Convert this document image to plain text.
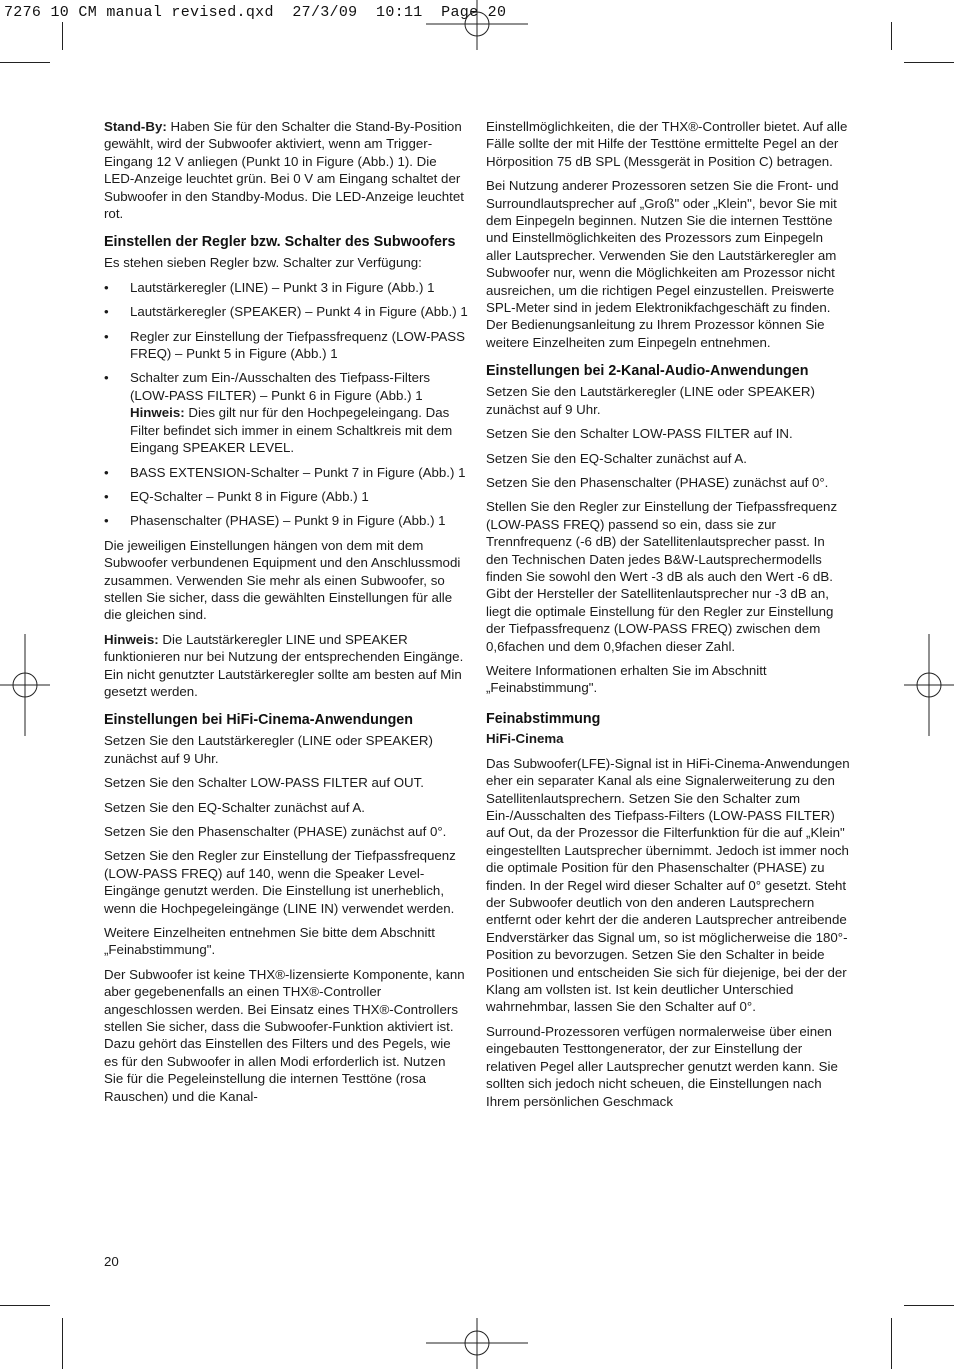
7276 10 CM manual revised.qxd  27/3/09  10:11  Page 20

Stand-By: Haben Sie für den Schalter die Stand-By-Position gewählt, wird der Subwoofer aktiviert, wenn am Trigger-Eingang 12 V anliegen (Punkt 10 in Figure (Abb.) 1). Die LED-Anzeige leuchtet grün. Bei 0 V am Eingang schaltet der Subwoofer in den Standby-Modus. Die LED-Anzeige leuchtet rot.

Einstellen der Regler bzw. Schalter des Subwoofers

Es stehen sieben Regler bzw. Schalter zur Verfügung:

• Lautstärkeregler (LINE) – Punkt 3 in Figure (Abb.) 1
• Lautstärkeregler (SPEAKER) – Punkt 4 in Figure (Abb.) 1
• Regler zur Einstellung der Tiefpassfrequenz (LOW-PASS FREQ) – Punkt 5 in Figure (Abb.) 1
• Schalter zum Ein-/Ausschalten des Tiefpass-Filters (LOW-PASS FILTER) – Punkt 6 in Figure (Abb.) 1
Hinweis: Dies gilt nur für den Hochpegeleingang. Das Filter befindet sich immer in einem Schaltkreis mit dem Eingang SPEAKER LEVEL.
• BASS EXTENSION-Schalter – Punkt 7 in Figure (Abb.) 1
• EQ-Schalter – Punkt 8 in Figure (Abb.) 1
• Phasenschalter (PHASE) – Punkt 9 in Figure (Abb.) 1

Die jeweiligen Einstellungen hängen von dem mit dem Subwoofer verbundenen Equipment und den Anschlussmodi zusammen. Verwenden Sie mehr als einen Subwoofer, so stellen Sie sicher, dass die gewählten Einstellungen für alle die gleichen sind.

Hinweis: Die Lautstärkeregler LINE und SPEAKER funktionieren nur bei Nutzung der entsprechenden Eingänge. Ein nicht genutzter Lautstärkeregler sollte am besten auf Min gesetzt werden.

Einstellungen bei HiFi-Cinema-Anwendungen

Setzen Sie den Lautstärkeregler (LINE oder SPEAKER) zunächst auf 9 Uhr.

Setzen Sie den Schalter LOW-PASS FILTER auf OUT.

Setzen Sie den EQ-Schalter zunächst auf A.

Setzen Sie den Phasenschalter (PHASE) zunächst auf 0°.

Setzen Sie den Regler zur Einstellung der Tiefpassfrequenz (LOW-PASS FREQ) auf 140, wenn die Speaker Level-Eingänge genutzt werden. Die Einstellung ist unerheblich, wenn die Hochpegeleingänge (LINE IN) verwendet werden.

Weitere Einzelheiten entnehmen Sie bitte dem Abschnitt „Feinabstimmung".

Der Subwoofer ist keine THX®-lizensierte Komponente, kann aber gegebenenfalls an einen THX®-Controller angeschlossen werden. Bei Einsatz eines THX®-Controllers stellen Sie sicher, dass die Subwoofer-Funktion aktiviert ist. Dazu gehört das Einstellen des Filters und des Pegels, wie es für den Subwoofer in allen Modi erforderlich ist. Nutzen Sie für die Pegeleinstellung die internen Testtöne (rosa Rauschen) und die Kanal-

Einstellmöglichkeiten, die der THX®-Controller bietet. Auf alle Fälle sollte der mit Hilfe der Testtöne ermittelte Pegel an der Hörposition 75 dB SPL (Messgerät in Position C) betragen.

Bei Nutzung anderer Prozessoren setzen Sie die Front- und Surroundlautsprecher auf „Groß" oder „Klein", bevor Sie mit dem Einpegeln beginnen. Nutzen Sie die internen Testtöne und Einstellmöglichkeiten des Prozessors zum Einpegeln aller Lautsprecher. Verwenden Sie den Lautstärkeregler am Subwoofer nur, wenn die Möglichkeiten am Prozessor nicht ausreichen, um die richtigen Pegel einzustellen. Preiswerte SPL-Meter sind in jedem Elektronikfachgeschäft zu finden. Der Bedienungsanleitung zu Ihrem Prozessor können Sie weitere Einzelheiten zum Einpegeln entnehmen.

Einstellungen bei 2-Kanal-Audio-Anwendungen

Setzen Sie den Lautstärkeregler (LINE oder SPEAKER) zunächst auf 9 Uhr.

Setzen Sie den Schalter LOW-PASS FILTER auf IN.

Setzen Sie den EQ-Schalter zunächst auf A.

Setzen Sie den Phasenschalter (PHASE) zunächst auf 0°.

Stellen Sie den Regler zur Einstellung der Tiefpassfrequenz (LOW-PASS FREQ) passend so ein, dass sie zur Trennfrequenz (-6 dB) der Satellitenlautsprecher passt. In den Technischen Daten jedes B&W-Lautsprechermodells finden Sie sowohl den Wert -3 dB als auch den Wert -6 dB. Gibt der Hersteller der Satellitenlautsprecher nur -3 dB an, liegt die optimale Einstellung für den Regler zur Einstellung der Tiefpassfrequenz (LOW-PASS FREQ) zwischen dem 0,6fachen und dem 0,9fachen dieser Zahl.

Weitere Informationen erhalten Sie im Abschnitt „Feinabstimmung".

Feinabstimmung
HiFi-Cinema

Das Subwoofer(LFE)-Signal ist in HiFi-Cinema-Anwendungen eher ein separater Kanal als eine Signalerweiterung zu den Satellitenlautsprechern. Setzen Sie den Schalter zum Ein-/Ausschalten des Tiefpass-Filters (LOW-PASS FILTER) auf Out, da der Prozessor die Filterfunktion für die auf „Klein" eingestellten Lautsprecher übernimmt. Jedoch ist immer noch die optimale Position für den Phasenschalter (PHASE) zu finden. In der Regel wird dieser Schalter auf 0° gesetzt. Steht der Subwoofer deutlich von den anderen Lautsprechern entfernt oder kehrt der die anderen Lautsprecher antreibende Endverstärker das Signal um, so ist möglicherweise die 180°-Position zu bevorzugen. Setzen Sie den Schalter in beide Positionen und entscheiden Sie sich für diejenige, bei der der Klang am vollsten ist. Ist kein deutlicher Unterschied wahrnehmbar, lassen Sie den Schalter auf 0°.

Surround-Prozessoren verfügen normalerweise über einen eingebauten Testtongenerator, der zur Einstellung der relativen Pegel aller Lautsprecher genutzt werden kann. Sie sollten sich jedoch nicht scheuen, die Einstellungen nach Ihrem persönlichen Geschmack

20
